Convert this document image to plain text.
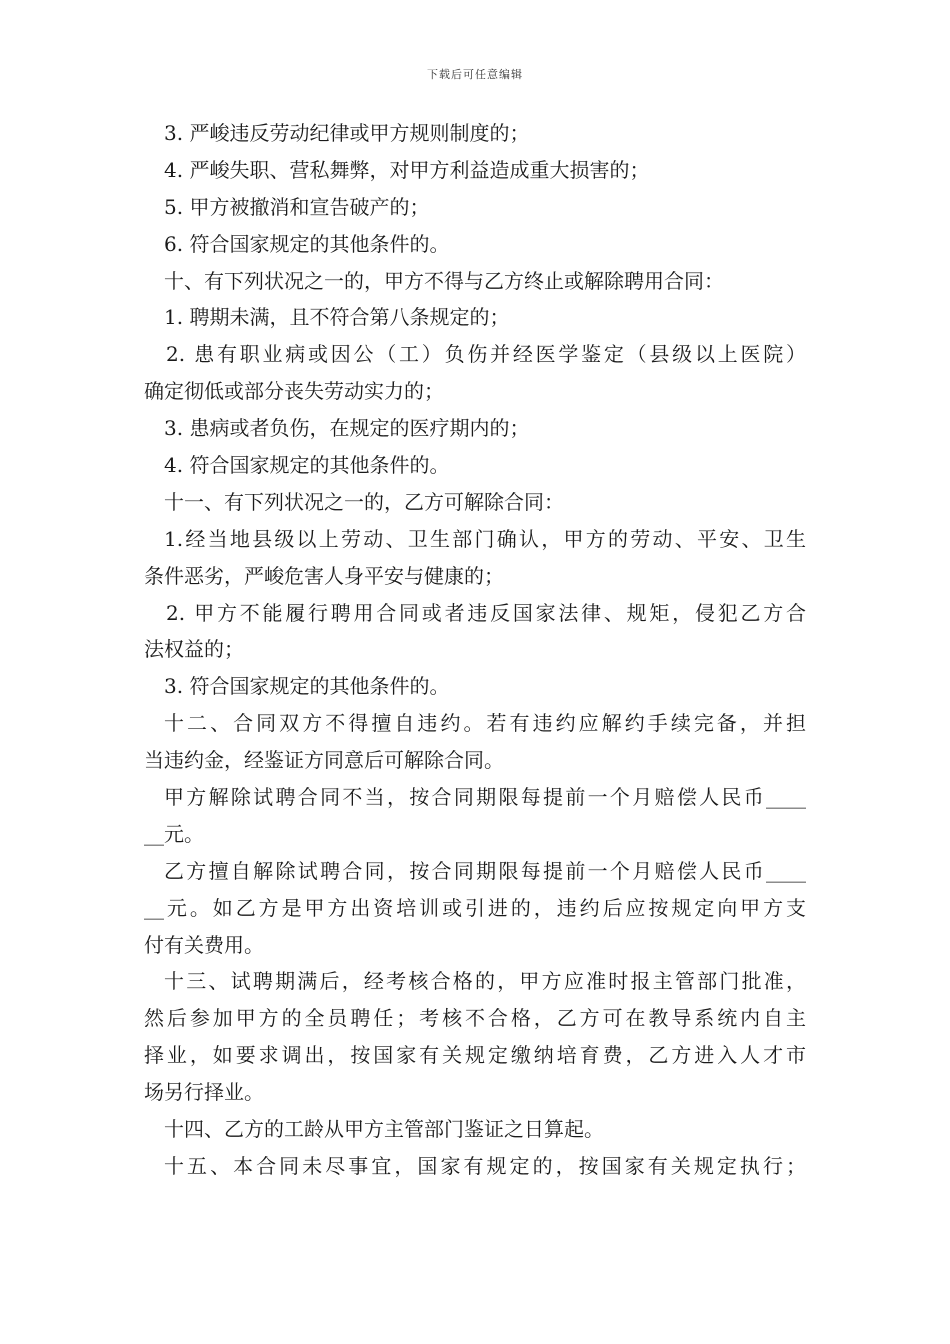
下载后可任意编辑
3. 严峻违反劳动纪律或甲方规则制度的；
4. 严峻失职、营私舞弊，对甲方利益造成重大损害的；
5. 甲方被撤消和宣告破产的；
6. 符合国家规定的其他条件的。
十、有下列状况之一的，甲方不得与乙方终止或解除聘用合同：
1. 聘期未满，且不符合第八条规定的；
2. 患有职业病或因公（工）负伤并经医学鉴定（县级以上医院）
确定彻低或部分丧失劳动实力的；
3. 患病或者负伤，在规定的医疗期内的；
4. 符合国家规定的其他条件的。
十一、有下列状况之一的，乙方可解除合同：
1.经当地县级以上劳动、卫生部门确认，甲方的劳动、平安、卫生
条件恶劣，严峻危害人身平安与健康的；
2. 甲方不能履行聘用合同或者违反国家法律、规矩，侵犯乙方合
法权益的；
3. 符合国家规定的其他条件的。
十二、合同双方不得擅自违约。若有违约应解约手续完备，并担
当违约金，经鉴证方同意后可解除合同。
甲方解除试聘合同不当，按合同期限每提前一个月赔偿人民币____
__元。
乙方擅自解除试聘合同，按合同期限每提前一个月赔偿人民币____
__元。如乙方是甲方出资培训或引进的，违约后应按规定向甲方支
付有关费用。
十三、试聘期满后，经考核合格的，甲方应准时报主管部门批准，
然后参加甲方的全员聘任；考核不合格，乙方可在教导系统内自主
择业，如要求调出，按国家有关规定缴纳培育费，乙方进入人才市
场另行择业。
十四、乙方的工龄从甲方主管部门鉴证之日算起。
十五、本合同未尽事宜，国家有规定的，按国家有关规定执行；
